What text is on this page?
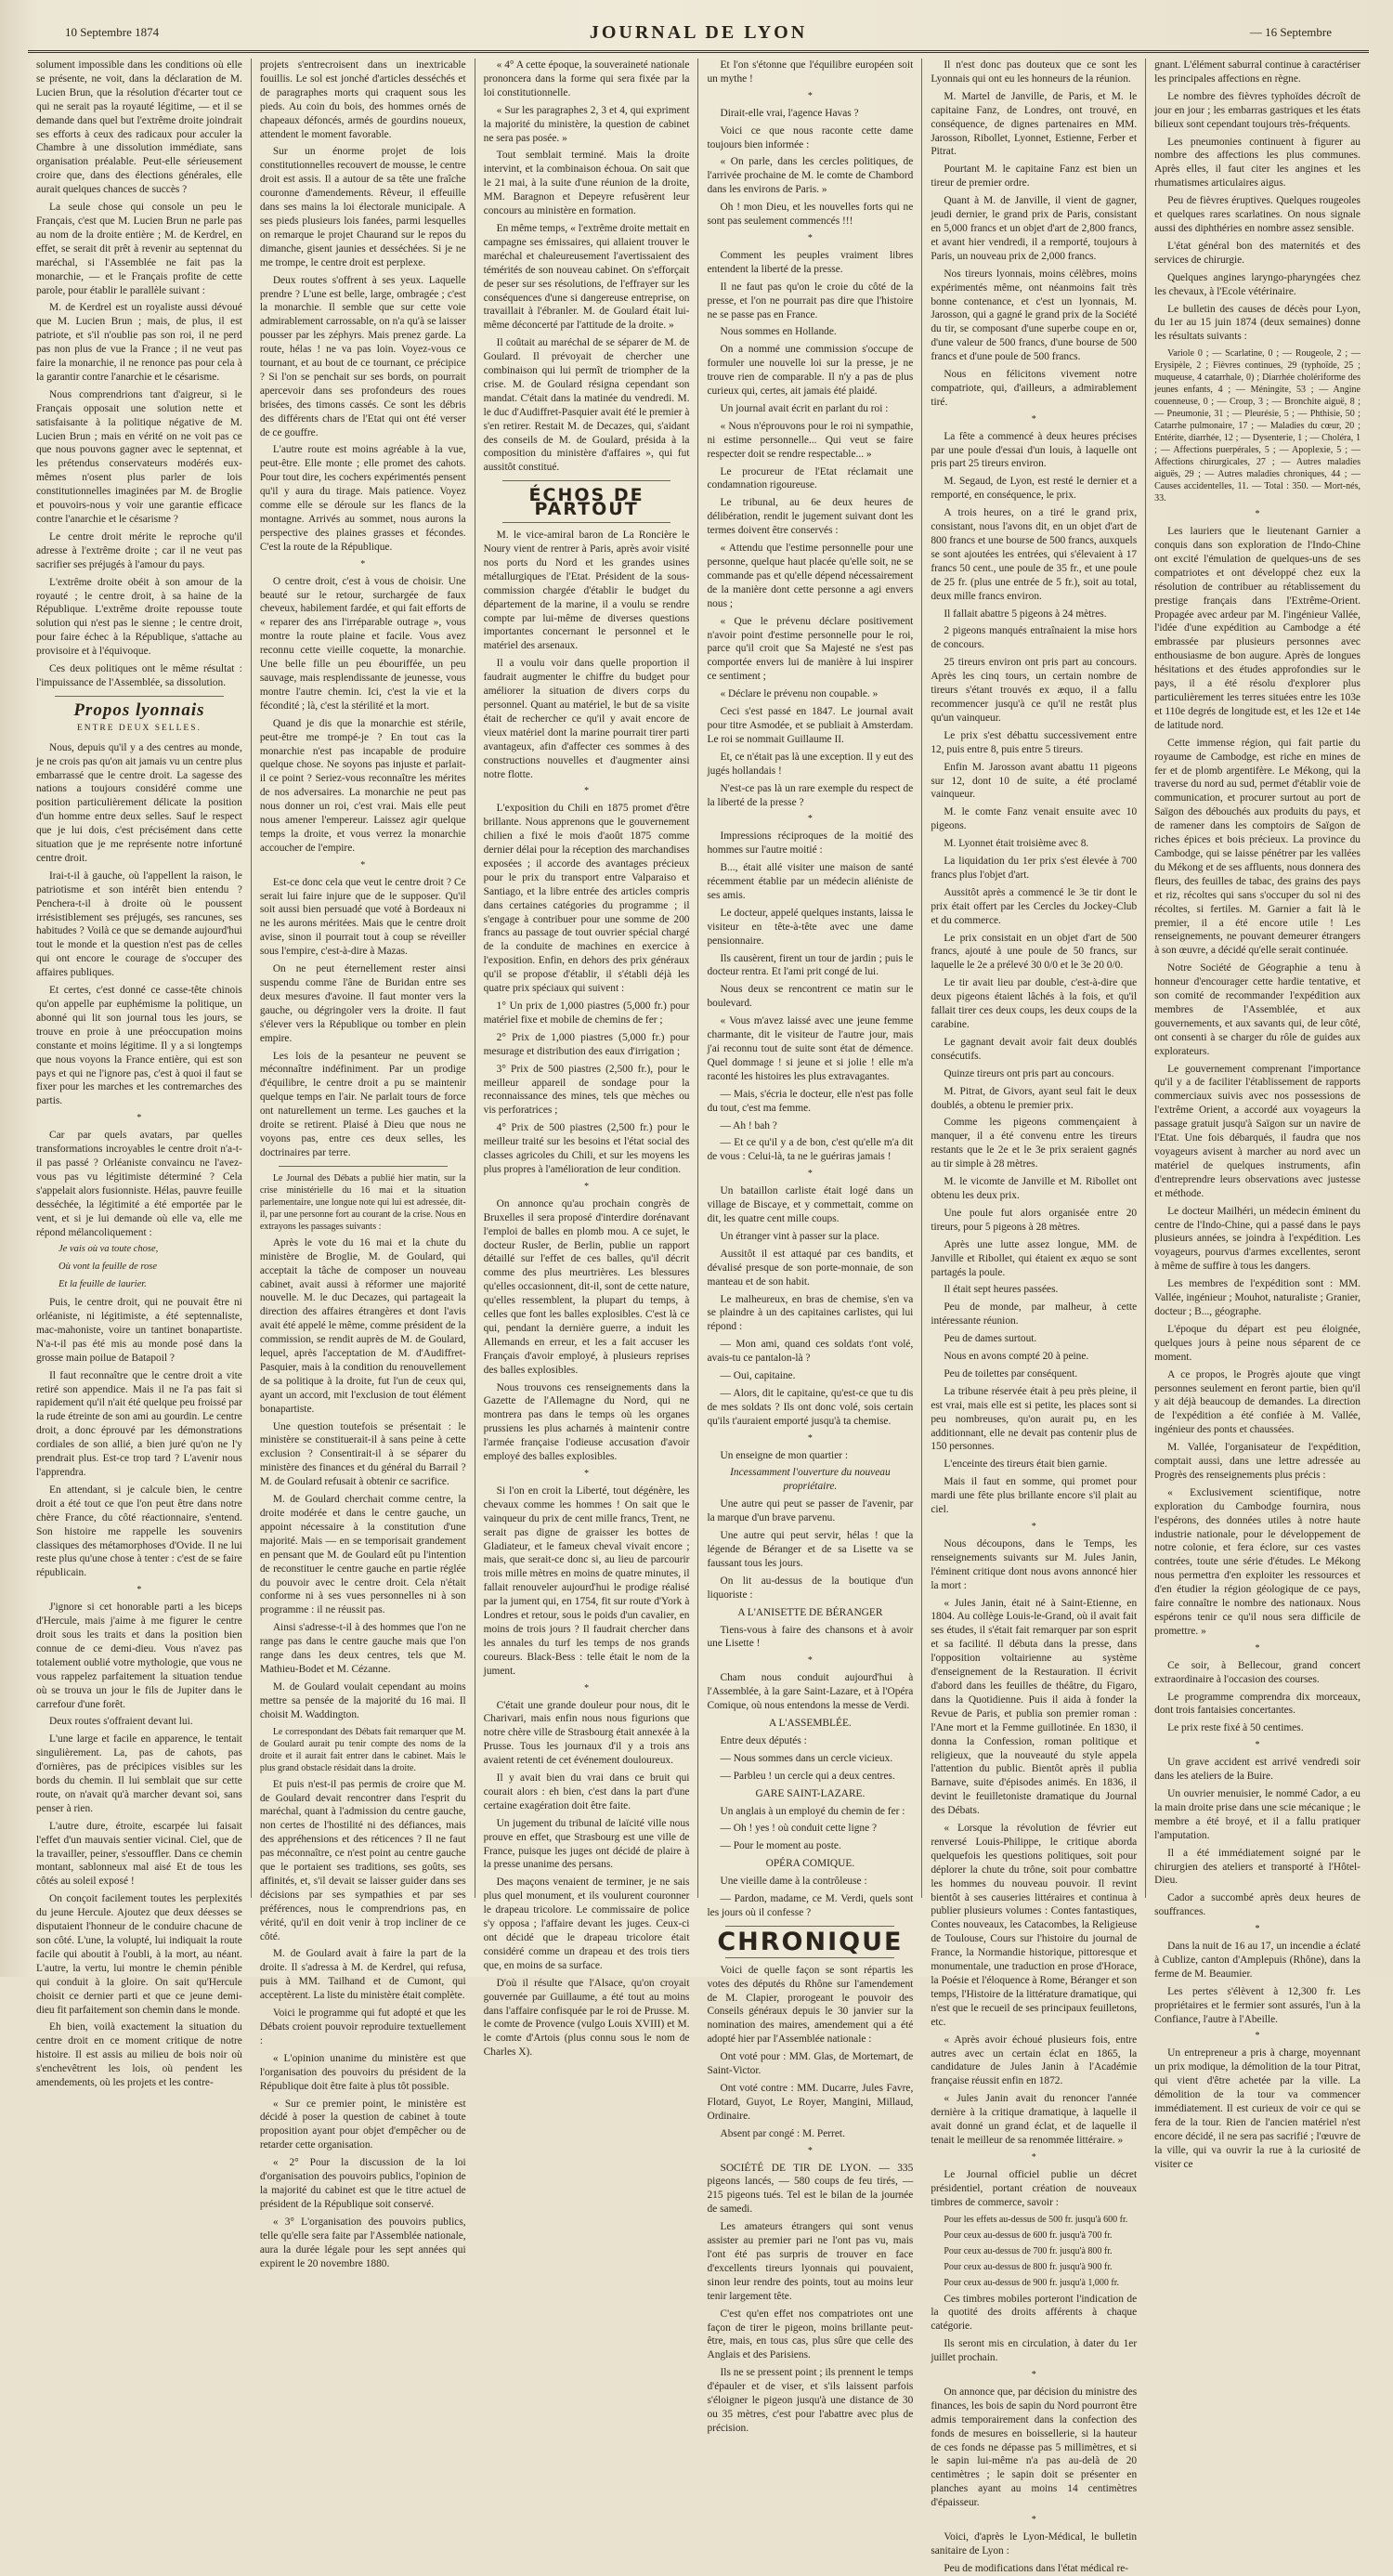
10 Septembre 1874	JOURNAL DE LYON	— 16 Septembre

solument impossible dans les conditions où elle se présente, ne voit, dans la déclaration de M. Lucien Brun, que la résolution d'écarter tout ce qui ne serait pas la royauté légitime, — et il se demande dans quel but l'extrême droite joindrait ses efforts à ceux des radicaux pour acculer la Chambre à une dissolution immédiate, sans organisation préalable. Peut-elle sérieusement croire que, dans des élections générales, elle aurait quelques chances de succès ?

La seule chose qui console un peu le Français, c'est que M. Lucien Brun ne parle pas au nom de la droite entière ; M. de Kerdrel, en effet, se serait dit prêt à revenir au septennat du maréchal, si l'Assemblée ne fait pas la monarchie, — et le Français profite de cette parole, pour établir le parallèle suivant :

M. de Kerdrel est un royaliste aussi dévoué que M. Lucien Brun ; mais, de plus, il est patriote, et s'il n'oublie pas son roi, il ne perd pas non plus de vue la France ; il ne veut pas faire la monarchie, il ne renonce pas pour cela à la garantir contre l'anarchie et le césarisme.

Nous comprendrions tant d'aigreur, si le Français opposait une solution nette et satisfaisante à la politique négative de M. Lucien Brun ; mais en vérité on ne voit pas ce que nous pouvons gagner avec le septennat, et les prétendus conservateurs modérés eux-mêmes n'osent plus parler de lois constitutionnelles imaginées par M. de Broglie et pouvoirs-nous y voir une garantie efficace contre l'anarchie et le césarisme ?

Le centre droit mérite le reproche qu'il adresse à l'extrême droite ; car il ne veut pas sacrifier ses préjugés à l'amour du pays.

L'extrême droite obéit à son amour de la royauté ; le centre droit, à sa haine de la République. L'extrême droite repousse toute solution qui n'est pas le sienne ; le centre droit, pour faire échec à la République, s'attache au provisoire et à l'équivoque.

Ces deux politiques ont le même résultat : l'impuissance de l'Assemblée, sa dissolution.

Propos lyonnais
ENTRE DEUX SELLES.

Nous, depuis qu'il y a des centres au monde, je ne crois pas qu'on ait jamais vu un centre plus embarrassé que le centre droit. La sagesse des nations a toujours considéré comme une position particulièrement délicate la position d'un homme entre deux selles. Sauf le respect que je lui dois, c'est précisément dans cette situation que je me représente notre infortuné centre droit.

Irai-t-il à gauche, où l'appellent la raison, le patriotisme et son intérêt bien entendu ? Penchera-t-il à droite où le poussent irrésistiblement ses préjugés, ses rancunes, ses habitudes ? Voilà ce que se demande aujourd'hui tout le monde et la question n'est pas de celles qui ont encore le courage de s'occuper des affaires publiques.

Et certes, c'est donné ce casse-tête chinois qu'on appelle par euphémisme la politique, un abonné qui lit son journal tous les jours, se trouve en proie à une préoccupation moins constante et moins légitime. Il y a si longtemps que nous voyons la France entière, qui est son pays et qui ne l'ignore pas, c'est à quoi il faut se fixer pour les marches et les contremarches des partis.

*

Car par quels avatars, par quelles transformations incroyables le centre droit n'a-t-il pas passé ? Orléaniste convaincu ne l'avez-vous pas vu légitimiste déterminé ? Cela s'appelait alors fusionniste. Hélas, pauvre feuille desséchée, la légitimité a été emportée par le vent, et si je lui demande où elle va, elle me répond mélancoliquement :

Je vais où va toute chose,

Où vont la feuille de rose

Et la feuille de laurier.

Puis, le centre droit, qui ne pouvait être ni orléaniste, ni légitimiste, a été septennaliste, mac-mahoniste, voire un tantinet bonapartiste. N'a-t-il pas été mis au monde posé dans la grosse main poilue de Batapoil ?

Il faut reconnaître que le centre droit a vite retiré son appendice. Mais il ne l'a pas fait si rapidement qu'il n'ait été quelque peu froissé par la rude étreinte de son ami au gourdin. Le centre droit, a donc éprouvé par les démonstrations cordiales de son allié, a bien juré qu'on ne l'y prendrait plus. Est-ce trop tard ? L'avenir nous l'apprendra.

En attendant, si je calcule bien, le centre droit a été tout ce que l'on peut être dans notre chère France, du côté réactionnaire, s'entend. Son histoire me rappelle les souvenirs classiques des métamorphoses d'Ovide. Il ne lui reste plus qu'une chose à tenter : c'est de se faire républicain.

*

J'ignore si cet honorable parti a les biceps d'Hercule, mais j'aime à me figurer le centre droit sous les traits et dans la position bien connue de ce demi-dieu. Vous n'avez pas totalement oublié votre mythologie, que vous ne vous rappelez parfaitement la situation tendue où se trouva un jour le fils de Jupiter dans le carrefour d'une forêt.

Deux routes s'offraient devant lui.

L'une large et facile en apparence, le tentait singulièrement. La, pas de cahots, pas d'ornières, pas de précipices visibles sur les bords du chemin. Il lui semblait que sur cette route, on n'avait qu'à marcher devant soi, sans penser à rien.

L'autre dure, étroite, escarpée lui faisait l'effet d'un mauvais sentier vicinal. Ciel, que de la travailler, peiner, s'essouffler. Dans ce chemin montant, sablonneux mal aisé Et de tous les côtés au soleil exposé !

On conçoit facilement toutes les perplexités du jeune Hercule. Ajoutez que deux déesses se disputaient l'honneur de le conduire chacune de son côté. L'une, la volupté, lui indiquait la route facile qui aboutit à l'oubli, à la mort, au néant. L'autre, la vertu, lui montre le chemin pénible qui conduit à la gloire. On sait qu'Hercule choisit ce dernier parti et que ce jeune demi-dieu fit parfaitement son chemin dans le monde.

Eh bien, voilà exactement la situation du centre droit en ce moment critique de notre histoire. Il est assis au milieu de bois noir où s'enchevêtrent les lois, où pendent les amendements, où les projets et les contre-

projets s'entrecroisent dans un inextricable fouillis. Le sol est jonché d'articles desséchés et de paragraphes morts qui craquent sous les pieds. Au coin du bois, des hommes ornés de chapeaux défoncés, armés de gourdins noueux, attendent le moment favorable.

Sur un énorme projet de lois constitutionnelles recouvert de mousse, le centre droit est assis. Il a autour de sa tête une fraîche couronne d'amendements. Rêveur, il effeuille dans ses mains la loi électorale municipale. A ses pieds plusieurs lois fanées, parmi lesquelles on remarque le projet Chaurand sur le repos du dimanche, gisent jaunies et desséchées. Si je ne me trompe, le centre droit est perplexe.

Deux routes s'offrent à ses yeux. Laquelle prendre ? L'une est belle, large, ombragée ; c'est la monarchie. Il semble que sur cette voie admirablement carrossable, on n'a qu'à se laisser pousser par les zéphyrs. Mais prenez garde. La route, hélas ! ne va pas loin. Voyez-vous ce tournant, et au bout de ce tournant, ce précipice ? Si l'on se penchait sur ses bords, on pourrait apercevoir dans ses profondeurs des roues brisées, des timons cassés. Ce sont les débris des différents chars de l'Etat qui ont été verser de ce gouffre.

L'autre route est moins agréable à la vue, peut-être. Elle monte ; elle promet des cahots. Pour tout dire, les cochers expérimentés pensent qu'il y aura du tirage. Mais patience. Voyez comme elle se déroule sur les flancs de la montagne. Arrivés au sommet, nous aurons la perspective des plaines grasses et fécondes. C'est la route de la République.

*

O centre droit, c'est à vous de choisir. Une beauté sur le retour, surchargée de faux cheveux, habilement fardée, et qui fait efforts de « reparer des ans l'irréparable outrage », vous montre la route plaine et facile. Vous avez reconnu cette vieille coquette, la monarchie. Une belle fille un peu ébouriffée, un peu sauvage, mais resplendissante de jeunesse, vous montre l'autre chemin. Ici, c'est la vie et la fécondité ; là, c'est la stérilité et la mort.

Quand je dis que la monarchie est stérile, peut-être me trompé-je ? En tout cas la monarchie n'est pas incapable de produire quelque chose. Ne soyons pas injuste et parlait-il ce point ? Seriez-vous reconnaître les mérites de nos adversaires. La monarchie ne peut pas nous donner un roi, c'est vrai. Mais elle peut nous amener l'empereur. Laissez agir quelque temps la droite, et vous verrez la monarchie accoucher de l'empire.

*

Est-ce donc cela que veut le centre droit ? Ce serait lui faire injure que de le supposer. Qu'il soit aussi bien persuadé que voté à Bordeaux ni ne les aurons méritées. Mais que le centre droit avise, sinon il pourrait tout à coup se réveiller sous l'empire, c'est-à-dire à Mazas.

On ne peut éternellement rester ainsi suspendu comme l'âne de Buridan entre ses deux mesures d'avoine. Il faut monter vers la gauche, ou dégringoler vers la droite. Il faut s'élever vers la République ou tomber en plein empire.

Les lois de la pesanteur ne peuvent se méconnaître indéfiniment. Par un prodige d'équilibre, le centre droit a pu se maintenir quelque temps en l'air. Ne parlait tours de force ont naturellement un terme. Les gauches et la droite se retirent. Plaisé à Dieu que nous ne voyons pas, entre ces deux selles, les doctrinaires par terre.

Le Journal des Débats a publié hier matin, sur la crise ministérielle du 16 mai et la situation parlementaire, une longue note qui lui est adressée, dit-il, par une personne fort au courant de la crise. Nous en extrayons les passages suivants :

Après le vote du 16 mai et la chute du ministère de Broglie, M. de Goulard, qui acceptait la tâche de composer un nouveau cabinet, avait aussi à réformer une majorité nouvelle. M. le duc Decazes, qui partageait la direction des affaires étrangères et dont l'avis avait été appelé le même, comme président de la commission, se rendit auprès de M. de Goulard, lequel, après l'acceptation de M. d'Audiffret-Pasquier, mais à la condition du renouvellement de sa politique à la droite, fut l'un de ceux qui, ayant un accord, mit l'exclusion de tout élément bonapartiste.

Une question toutefois se présentait : le ministère se constituerait-il à sans peine à cette exclusion ? Consentirait-il à se séparer du ministère des finances et du général du Barrail ? M. de Goulard refusait à obtenir ce sacrifice.

M. de Goulard cherchait comme centre, la droite modérée et dans le centre gauche, un appoint nécessaire à la constitution d'une majorité. Mais — en se temporisait grandement en pensant que M. de Goulard eût pu l'intention de reconstituer le centre gauche en partie réglée du pouvoir avec le centre droit. Cela n'était conforme ni à ses vues personnelles ni à son programme : il ne réussit pas.

Ainsi s'adresse-t-il à des hommes que l'on ne range pas dans le centre gauche mais que l'on range dans les deux centres, tels que M. Mathieu-Bodet et M. Cézanne.

M. de Goulard voulait cependant au moins mettre sa pensée de la majorité du 16 mai. Il choisit M. Waddington.

Le correspondant des Débats fait remarquer que M. de Goulard aurait pu tenir compte des noms de la droite et il aurait fait entrer dans le cabinet. Mais le plus grand obstacle résidait dans la droite.

Et puis n'est-il pas permis de croire que M. de Goulard devait rencontrer dans l'esprit du maréchal, quant à l'admission du centre gauche, non certes de l'hostilité ni des défiances, mais des appréhensions et des réticences ? Il ne faut pas méconnaître, ce n'est point au centre gauche que le portaient ses traditions, ses goûts, ses affinités, et, s'il devait se laisser guider dans ses décisions par ses sympathies et par ses préférences, nous le comprendrions pas, en vérité, qu'il en doit venir à trop incliner de ce côté.

M. de Goulard avait à faire la part de la droite. Il s'adressa à M. de Kerdrel, qui refusa, puis à MM. Tailhand et de Cumont, qui acceptèrent. La liste du ministère était complète.

Voici le programme qui fut adopté et que les Débats croient pouvoir reproduire textuellement :

« L'opinion unanime du ministère est que l'organisation des pouvoirs du président de la République doit être faite à plus tôt possible.

« Sur ce premier point, le ministère est décidé à poser la question de cabinet à toute proposition ayant pour objet d'empêcher ou de retarder cette organisation.

« 2° Pour la discussion de la loi d'organisation des pouvoirs publics, l'opinion de la majorité du cabinet est que le titre actuel de président de la République soit conservé.

« 3° L'organisation des pouvoirs publics, telle qu'elle sera faite par l'Assemblée nationale, aura la durée légale pour les sept années qui expirent le 20 novembre 1880.

« 4° A cette époque, la souveraineté nationale prononcera dans la forme qui sera fixée par la loi constitutionnelle.

« Sur les paragraphes 2, 3 et 4, qui expriment la majorité du ministère, la question de cabinet ne sera pas posée. »

Tout semblait terminé. Mais la droite intervint, et la combinaison échoua. On sait que le 21 mai, à la suite d'une réunion de la droite, MM. Baragnon et Depeyre refusèrent leur concours au ministère en formation.

En même temps, « l'extrême droite mettait en campagne ses émissaires, qui allaient trouver le maréchal et chaleureusement l'avertissaient des témérités de son nouveau cabinet. On s'efforçait de peser sur ses résolutions, de l'effrayer sur les conséquences d'une si dangereuse entreprise, on travaillait à l'ébranler. M. de Goulard était lui-même déconcerté par l'attitude de la droite. »

Il coûtait au maréchal de se séparer de M. de Goulard. Il prévoyait de chercher une combinaison qui lui permît de triompher de la crise. M. de Goulard résigna cependant son mandat. C'était dans la matinée du vendredi. M. le duc d'Audiffret-Pasquier avait été le premier à s'en retirer. Restait M. de Decazes, qui, s'aidant des conseils de M. de Goulard, présida à la composition du ministère d'affaires », qui fut aussitôt constitué.

ÉCHOS DE PARTOUT

M. le vice-amiral baron de La Roncière le Noury vient de rentrer à Paris, après avoir visité nos ports du Nord et les grandes usines métallurgiques de l'Etat. Président de la sous-commission chargée d'établir le budget du département de la marine, il a voulu se rendre compte par lui-même de diverses questions importantes concernant le personnel et le matériel des arsenaux.

Il a voulu voir dans quelle proportion il faudrait augmenter le chiffre du budget pour améliorer la situation de divers corps du personnel. Quant au matériel, le but de sa visite était de rechercher ce qu'il y avait encore de vieux matériel dont la marine pourrait tirer parti avantageux, afin d'affecter ces sommes à des constructions nouvelles et d'augmenter ainsi notre flotte.

*

L'exposition du Chili en 1875 promet d'être brillante. Nous apprenons que le gouvernement chilien a fixé le mois d'août 1875 comme dernier délai pour la réception des marchandises exposées ; il accorde des avantages précieux pour le prix du transport entre Valparaiso et Santiago, et la libre entrée des articles compris dans certaines catégories du programme ; il s'engage à contribuer pour une somme de 200 francs au passage de tout ouvrier spécial chargé de la conduite de machines en exercice à l'exposition. Enfin, en dehors des prix généraux qu'il se propose d'établir, il s'établi déjà les quatre prix spéciaux qui suivent :

1° Un prix de 1,000 piastres (5,000 fr.) pour matériel fixe et mobile de chemins de fer ;

2° Prix de 1,000 piastres (5,000 fr.) pour mesurage et distribution des eaux d'irrigation ;

3° Prix de 500 piastres (2,500 fr.), pour le meilleur appareil de sondage pour la reconnaissance des mines, tels que mèches ou vis perforatrices ;

4° Prix de 500 piastres (2,500 fr.) pour le meilleur traité sur les besoins et l'état social des classes agricoles du Chili, et sur les moyens les plus propres à l'amélioration de leur condition.

*

On annonce qu'au prochain congrès de Bruxelles il sera proposé d'interdire dorénavant l'emploi de balles en plomb mou. A ce sujet, le docteur Rusler, de Berlin, publie un rapport détaillé sur l'effet de ces balles, qu'il décrit comme des plus meurtrières. Les blessures qu'elles occasionnent, dit-il, sont de cette nature, qu'elles ressemblent, la plupart du temps, à celles que font les balles explosibles. C'est là ce qui, pendant la dernière guerre, a induit les Allemands en erreur, et les a fait accuser les Français d'avoir employé, à plusieurs reprises des balles explosibles.

Nous trouvons ces renseignements dans la Gazette de l'Allemagne du Nord, qui ne montrera pas dans le temps où les organes prussiens les plus acharnés à maintenir contre l'armée française l'odieuse accusation d'avoir employé des balles explosibles.

*

Si l'on en croit la Liberté, tout dégénère, les chevaux comme les hommes ! On sait que le vainqueur du prix de cent mille francs, Trent, ne serait pas digne de graisser les bottes de Gladiateur, et le fameux cheval vivait encore ; mais, que serait-ce donc si, au lieu de parcourir trois mille mètres en moins de quatre minutes, il fallait renouveler aujourd'hui le prodige réalisé par la jument qui, en 1754, fit sur route d'York à Londres et retour, sous le poids d'un cavalier, en moins de trois jours ? Il faudrait chercher dans les annales du turf les temps de nos grands coureurs. Black-Bess : telle était le nom de la jument.

*

C'était une grande douleur pour nous, dit le Charivari, mais enfin nous nous figurions que notre chère ville de Strasbourg était annexée à la Prusse. Tous les journaux d'il y a trois ans avaient retenti de cet événement douloureux.

Il y avait bien du vrai dans ce bruit qui courait alors : eh bien, c'est dans la part d'une certaine exagération doit être faite.

Un jugement du tribunal de laïcité ville nous prouve en effet, que Strasbourg est une ville de France, puisque les juges ont décidé de plaire à la presse unanime des persans.

Des maçons venaient de terminer, je ne sais plus quel monument, et ils voulurent couronner le drapeau tricolore. Le commissaire de police s'y opposa ; l'affaire devant les juges. Ceux-ci ont décidé que le drapeau tricolore était considéré comme un drapeau et des trois tiers que, en moins de sa surface.

D'où il résulte que l'Alsace, qu'on croyait gouvernée par Guillaume, a été tout au moins dans l'affaire confisquée par le roi de Prusse. M. le comte de Provence (vulgo Louis XVIII) et M. le comte d'Artois (plus connu sous le nom de Charles X).

Et l'on s'étonne que l'équilibre européen soit un mythe !

*

Dirait-elle vrai, l'agence Havas ?

Voici ce que nous raconte cette dame toujours bien informée :

« On parle, dans les cercles politiques, de l'arrivée prochaine de M. le comte de Chambord dans les environs de Paris. »

Oh ! mon Dieu, et les nouvelles forts qui ne sont pas seulement commencés !!!

*

Comment les peuples vraiment libres entendent la liberté de la presse.

Il ne faut pas qu'on le croie du côté de la presse, et l'on ne pourrait pas dire que l'histoire ne se passe pas en France.

Nous sommes en Hollande.

On a nommé une commission s'occupe de formuler une nouvelle loi sur la presse, je ne trouve rien de comparable. Il n'y a pas de plus curieux qui, certes, ait jamais été plaidé.

Un journal avait écrit en parlant du roi :

« Nous n'éprouvons pour le roi ni sympathie, ni estime personnelle... Qui veut se faire respecter doit se rendre respectable... »

Le procureur de l'Etat réclamait une condamnation rigoureuse.

Le tribunal, au 6e deux heures de délibération, rendit le jugement suivant dont les termes doivent être conservés :

« Attendu que l'estime personnelle pour une personne, quelque haut placée qu'elle soit, ne se commande pas et qu'elle dépend nécessairement de la manière dont cette personne a agi envers nous ;

« Que le prévenu déclare positivement n'avoir point d'estime personnelle pour le roi, parce qu'il croit que Sa Majesté ne s'est pas comportée envers lui de manière à lui inspirer ce sentiment ;

« Déclare le prévenu non coupable. »

Ceci s'est passé en 1847. Le journal avait pour titre Asmodée, et se publiait à Amsterdam. Le roi se nommait Guillaume II.

Et, ce n'était pas là une exception. Il y eut des jugés hollandais !

N'est-ce pas là un rare exemple du respect de la liberté de la presse ?

*

Impressions réciproques de la moitié des hommes sur l'autre moitié :

B..., était allé visiter une maison de santé récemment établie par un médecin aliéniste de ses amis.

Le docteur, appelé quelques instants, laissa le visiteur en tête-à-tête avec une dame pensionnaire.

Ils causèrent, firent un tour de jardin ; puis le docteur rentra. Et l'ami prit congé de lui.

Nous deux se rencontrent ce matin sur le boulevard.

« Vous m'avez laissé avec une jeune femme charmante, dit le visiteur de l'autre jour, mais j'ai reconnu tout de suite sont état de démence. Quel dommage ! si jeune et si jolie ! elle m'a raconté les histoires les plus extravagantes.

— Mais, s'écria le docteur, elle n'est pas folle du tout, c'est ma femme.

— Ah ! bah ?

— Et ce qu'il y a de bon, c'est qu'elle m'a dit de vous : Celui-là, ta ne le guériras jamais !

*

Un bataillon carliste était logé dans un village de Biscaye, et y commettait, comme on dit, les quatre cent mille coups.

Un étranger vint à passer sur la place.

Aussitôt il est attaqué par ces bandits, et dévalisé presque de son porte-monnaie, de son manteau et de son habit.

Le malheureux, en bras de chemise, s'en va se plaindre à un des capitaines carlistes, qui lui répond :

— Mon ami, quand ces soldats t'ont volé, avais-tu ce pantalon-là ?

— Oui, capitaine.

— Alors, dit le capitaine, qu'est-ce que tu dis de mes soldats ? Ils ont donc volé, sois certain qu'ils t'auraient emporté jusqu'à ta chemise.

*

Un enseigne de mon quartier :

Incessamment l'ouverture du nouveau propriétaire.

Une autre qui peut se passer de l'avenir, par la marque d'un brave parvenu.

Une autre qui peut servir, hélas ! que la légende de Béranger et de sa Lisette va se faussant tous les jours.

On lit au-dessus de la boutique d'un liquoriste :

A L'ANISETTE DE BÉRANGER

Tiens-vous à faire des chansons et à avoir une Lisette !

*

Cham nous conduit aujourd'hui à l'Assemblée, à la gare Saint-Lazare, et à l'Opéra Comique, où nous entendons la messe de Verdi.

A L'ASSEMBLÉE.

Entre deux députés :

— Nous sommes dans un cercle vicieux.

— Parbleu ! un cercle qui a deux centres.

GARE SAINT-LAZARE.

Un anglais à un employé du chemin de fer :

— Oh ! yes ! où conduit cette ligne ?

— Pour le moment au poste.

OPÉRA COMIQUE.

Une vieille dame à la contrôleuse :

— Pardon, madame, ce M. Verdi, quels sont les jours où il confesse ?

CHRONIQUE

Voici de quelle façon se sont répartis les votes des députés du Rhône sur l'amendement de M. Clapier, prorogeant le pouvoir des Conseils généraux depuis le 30 janvier sur la nomination des maires, amendement qui a été adopté hier par l'Assemblée nationale :

Ont voté pour : MM. Glas, de Mortemart, de Saint-Victor.

Ont voté contre : MM. Ducarre, Jules Favre, Flotard, Guyot, Le Royer, Mangini, Millaud, Ordinaire.

Absent par congé : M. Perret.

*

SOCIÉTÉ DE TIR DE LYON. — 335 pigeons lancés, — 580 coups de feu tirés, — 215 pigeons tués. Tel est le bilan de la journée de samedi.

Les amateurs étrangers qui sont venus assister au premier pari ne l'ont pas vu, mais l'ont été pas surpris de trouver en face d'excellents tireurs lyonnais qui pouvaient, sinon leur rendre des points, tout au moins leur tenir largement tête.

C'est qu'en effet nos compatriotes ont une façon de tirer le pigeon, moins brillante peut-être, mais, en tous cas, plus sûre que celle des Anglais et des Parisiens.

Ils ne se pressent point ; ils prennent le temps d'épauler et de viser, et s'ils laissent parfois s'éloigner le pigeon jusqu'à une distance de 30 ou 35 mètres, c'est pour l'abattre avec plus de précision.

Il n'est donc pas douteux que ce sont les Lyonnais qui ont eu les honneurs de la réunion.

M. Martel de Janville, de Paris, et M. le capitaine Fanz, de Londres, ont trouvé, en conséquence, de dignes partenaires en MM. Jarosson, Ribollet, Lyonnet, Estienne, Ferber et Pitrat.

Pourtant M. le capitaine Fanz est bien un tireur de premier ordre.

Quant à M. de Janville, il vient de gagner, jeudi dernier, le grand prix de Paris, consistant en 5,000 francs et un objet d'art de 2,800 francs, et avant hier vendredi, il a remporté, toujours à Paris, un nouveau prix de 2,000 francs.

Nos tireurs lyonnais, moins célèbres, moins expérimentés même, ont néanmoins fait très bonne contenance, et c'est un lyonnais, M. Jarosson, qui a gagné le grand prix de la Société du tir, se composant d'une superbe coupe en or, d'une valeur de 500 francs, d'une bourse de 500 francs et d'une poule de 500 francs.

Nous en félicitons vivement notre compatriote, qui, d'ailleurs, a admirablement tiré.

*

La fête a commencé à deux heures précises par une poule d'essai d'un louis, à laquelle ont pris part 25 tireurs environ.

M. Segaud, de Lyon, est resté le dernier et a remporté, en conséquence, le prix.

A trois heures, on a tiré le grand prix, consistant, nous l'avons dit, en un objet d'art de 800 francs et une bourse de 500 francs, auxquels se sont ajoutées les entrées, qui s'élevaient à 17 francs 50 cent., une poule de 35 fr., et une poule de 25 fr. (plus une entrée de 5 fr.), soit au total, deux mille francs environ.

Il fallait abattre 5 pigeons à 24 mètres.

2 pigeons manqués entraînaient la mise hors de concours.

25 tireurs environ ont pris part au concours. Après les cinq tours, un certain nombre de tireurs s'étant trouvés ex æquo, il a fallu recommencer jusqu'à ce qu'il ne restât plus qu'un vainqueur.

Le prix s'est débattu successivement entre 12, puis entre 8, puis entre 5 tireurs.

Enfin M. Jarosson avant abattu 11 pigeons sur 12, dont 10 de suite, a été proclamé vainqueur.

M. le comte Fanz venait ensuite avec 10 pigeons.

M. Lyonnet était troisième avec 8.

La liquidation du 1er prix s'est élevée à 700 francs plus l'objet d'art.

Aussitôt après a commencé le 3e tir dont le prix était offert par les Cercles du Jockey-Club et du commerce.

Le prix consistait en un objet d'art de 500 francs, ajouté à une poule de 50 francs, sur laquelle le 2e a prélevé 30 0/0 et le 3e 20 0/0.

Le tir avait lieu par double, c'est-à-dire que deux pigeons étaient lâchés à la fois, et qu'il fallait tirer ces deux coups, les deux coups de la carabine.

Le gagnant devait avoir fait deux doublés consécutifs.

Quinze tireurs ont pris part au concours.

M. Pitrat, de Givors, ayant seul fait le deux doublés, a obtenu le premier prix.

Comme les pigeons commençaient à manquer, il a été convenu entre les tireurs restants que le 2e et le 3e prix seraient gagnés au tir simple à 28 mètres.

M. le vicomte de Janville et M. Ribollet ont obtenu les deux prix.

Une poule fut alors organisée entre 20 tireurs, pour 5 pigeons à 28 mètres.

Après une lutte assez longue, MM. de Janville et Ribollet, qui étaient ex æquo se sont partagés la poule.

Il était sept heures passées.

Peu de monde, par malheur, à cette intéressante réunion.

Peu de dames surtout.

Nous en avons compté 20 à peine.

Peu de toilettes par conséquent.

La tribune réservée était à peu près pleine, il est vrai, mais elle est si petite, les places sont si peu nombreuses, qu'on aurait pu, en les additionnant, elle ne devait pas contenir plus de 150 personnes.

L'enceinte des tireurs était bien garnie.

Mais il faut en somme, qui promet pour mardi une fête plus brillante encore s'il plait au ciel.

*

Nous découpons, dans le Temps, les renseignements suivants sur M. Jules Janin, l'éminent critique dont nous avons annoncé hier la mort :

« Jules Janin, était né à Saint-Etienne, en 1804. Au collège Louis-le-Grand, où il avait fait ses études, il s'était fait remarquer par son esprit et sa facilité. Il débuta dans la presse, dans l'opposition voltairienne au système d'enseignement de la Restauration. Il écrivit d'abord dans les feuilles de théâtre, du Figaro, dans la Quotidienne. Puis il aida à fonder la Revue de Paris, et publia son premier roman : l'Ane mort et la Femme guillotinée. En 1830, il donna la Confession, roman politique et religieux, que la nouveauté du style appela l'attention du public. Bientôt après il publia Barnave, suite d'épisodes animés. En 1836, il devint le feuilletoniste dramatique du Journal des Débats.

« Lorsque la révolution de février eut renversé Louis-Philippe, le critique aborda quelquefois les questions politiques, soit pour déplorer la chute du trône, soit pour combattre les hommes du nouveau pouvoir. Il revint bientôt à ses causeries littéraires et continua à publier plusieurs volumes : Contes fantastiques, Contes nouveaux, les Catacombes, la Religieuse de Toulouse, Cours sur l'histoire du journal de France, la Normandie historique, pittoresque et monumentale, une traduction en prose d'Horace, la Poésie et l'éloquence à Rome, Béranger et son temps, l'Histoire de la littérature dramatique, qui n'est que le recueil de ses principaux feuilletons, etc.

« Après avoir échoué plusieurs fois, entre autres avec un certain éclat en 1865, la candidature de Jules Janin à l'Académie française réussit enfin en 1872.

« Jules Janin avait du renoncer l'année dernière à la critique dramatique, à laquelle il avait donné un grand éclat, et de laquelle il tenait le meilleur de sa renommée littéraire. »

*

Le Journal officiel publie un décret présidentiel, portant création de nouveaux timbres de commerce, savoir :

Pour les effets au-dessus de 500 fr. jusqu'à 600 fr.

Pour ceux au-dessus de 600 fr. jusqu'à 700 fr.

Pour ceux au-dessus de 700 fr. jusqu'à 800 fr.

Pour ceux au-dessus de 800 fr. jusqu'à 900 fr.

Pour ceux au-dessus de 900 fr. jusqu'à 1,000 fr.

Ces timbres mobiles porteront l'indication de la quotité des droits afférents à chaque catégorie.

Ils seront mis en circulation, à dater du 1er juillet prochain.

*

On annonce que, par décision du ministre des finances, les bois de sapin du Nord pourront être admis temporairement dans la confection des fonds de mesures en boissellerie, si la hauteur de ces fonds ne dépasse pas 5 millimètres, et si le sapin lui-même n'a pas au-delà de 20 centimètres ; le sapin doit se présenter en planches ayant au moins 14 centimètres d'épaisseur.

*

Voici, d'après le Lyon-Médical, le bulletin sanitaire de Lyon :

Peu de modifications dans l'état médical re-

gnant. L'élément saburral continue à caractériser les principales affections en règne.

Le nombre des fièvres typhoïdes décroît de jour en jour ; les embarras gastriques et les états bilieux sont cependant toujours très-fréquents.

Les pneumonies continuent à figurer au nombre des affections les plus communes. Après elles, il faut citer les angines et les rhumatismes articulaires aigus.

Peu de fièvres éruptives. Quelques rougeoles et quelques rares scarlatines. On nous signale aussi des diphthéries en nombre assez sensible.

L'état général bon des maternités et des services de chirurgie.

Quelques angines laryngo-pharyngées chez les chevaux, à l'Ecole vétérinaire.

Le bulletin des causes de décès pour Lyon, du 1er au 15 juin 1874 (deux semaines) donne les résultats suivants :

Variole 0 ; — Scarlatine, 0 ; — Rougeole, 2 ; — Erysipèle, 2 ; Fièvres continues, 29 (typhoïde, 25 ; muqueuse, 4 catarrhale, 0) ; Diarrhée cholériforme des jeunes enfants, 4 ; — Méningite, 53 ; — Angine couenneuse, 0 ; — Croup, 3 ; — Bronchite aiguë, 8 ; — Pneumonie, 31 ; — Pleurésie, 5 ; — Phthisie, 50 ; Catarrhe pulmonaire, 17 ; — Maladies du cœur, 20 ; Entérite, diarrhée, 12 ; — Dysenterie, 1 ; — Choléra, 1 ; — Affections puerpérales, 5 ; — Apoplexie, 5 ; — Affections chirurgicales, 27 ; — Autres maladies aiguës, 29 ; — Autres maladies chroniques, 44 ; — Causes accidentelles, 11. — Total : 350. — Mort-nés, 33.

*

Les lauriers que le lieutenant Garnier a conquis dans son exploration de l'Indo-Chine ont excité l'émulation de quelques-uns de ses compatriotes et ont développé chez eux la résolution de contribuer au rétablissement du prestige français dans l'Extrême-Orient. Propagée avec ardeur par M. l'ingénieur Vallée, l'idée d'une expédition au Cambodge a été embrassée par plusieurs personnes avec enthousiasme de bon augure. Après de longues hésitations et des études approfondies sur le pays, il a été résolu d'explorer plus particulièrement les terres situées entre les 103e et 110e degrés de longitude est, et les 12e et 14e de latitude nord.

Cette immense région, qui fait partie du royaume de Cambodge, est riche en mines de fer et de plomb argentifère. Le Mékong, qui la traverse du nord au sud, permet d'établir voie de communication, et procurer surtout au port de Saïgon des débouchés aux produits du pays, et de ramener dans les comptoirs de Saïgon de riches épices et bois précieux. La province du Cambodge, qui se laisse pénétrer par les vallées du Mékong et de ses affluents, nous donnera des fleurs, des feuilles de tabac, des grains des pays et riz, récoltes qui sans s'occuper du sol ni des récoltes, si fertiles. M. Garnier a fait là le premier, il a été encore utile ! Les renseignements, ne pouvant demeurer étrangers à son œuvre, a décidé qu'elle serait continuée.

Notre Société de Géographie a tenu à honneur d'encourager cette hardie tentative, et son comité de recommander l'expédition aux membres de l'Assemblée, et aux gouvernements, et aux savants qui, de leur côté, ont consenti à se charger du rôle de guides aux explorateurs.

Le gouvernement comprenant l'importance qu'il y a de faciliter l'établissement de rapports commerciaux suivis avec nos possessions de l'extrême Orient, a accordé aux voyageurs la passage gratuit jusqu'à Saïgon sur un navire de l'Etat. Une fois débarqués, il faudra que nos voyageurs avisent à marcher au nord avec un matériel de quelques instruments, afin d'entreprendre leurs observations avec justesse et méthode.

Le docteur Mailhéri, un médecin éminent du centre de l'Indo-Chine, qui a passé dans le pays plusieurs années, se joindra à l'expédition. Les voyageurs, pourvus d'armes excellentes, seront à même de suffire à tous les dangers.

Les membres de l'expédition sont : MM. Vallée, ingénieur ; Mouhot, naturaliste ; Granier, docteur ; B..., géographe.

L'époque du départ est peu éloignée, quelques jours à peine nous séparent de ce moment.

A ce propos, le Progrès ajoute que vingt personnes seulement en feront partie, bien qu'il y ait déjà beaucoup de demandes. La direction de l'expédition a été confiée à M. Vallée, ingénieur des ponts et chaussées.

M. Vallée, l'organisateur de l'expédition, comptait aussi, dans une lettre adressée au Progrès des renseignements plus précis :

« Exclusivement scientifique, notre exploration du Cambodge fournira, nous l'espérons, des données utiles à notre haute industrie nationale, pour le développement de notre colonie, et fera éclore, sur ces vastes contrées, toute une série d'études. Le Mékong nous permettra d'en exploiter les ressources et d'en étudier la région géologique de ce pays, faire connaître le nombre des nationaux. Nous espérons tenir ce qu'il nous sera difficile de promettre. »

*

Ce soir, à Bellecour, grand concert extraordinaire à l'occasion des courses.

Le programme comprendra dix morceaux, dont trois fantaisies concertantes.

Le prix reste fixé à 50 centimes.

*

Un grave accident est arrivé vendredi soir dans les ateliers de la Buire.

Un ouvrier menuisier, le nommé Cador, a eu la main droite prise dans une scie mécanique ; le membre a été broyé, et il a fallu pratiquer l'amputation.

Il a été immédiatement soigné par le chirurgien des ateliers et transporté à l'Hôtel-Dieu.

Cador a succombé après deux heures de souffrances.

*

Dans la nuit de 16 au 17, un incendie a éclaté à Cublize, canton d'Amplepuis (Rhône), dans la ferme de M. Beaumier.

Les pertes s'élèvent à 12,300 fr. Les propriétaires et le fermier sont assurés, l'un à la Confiance, l'autre à l'Abeille.

*

Un entrepreneur a pris à charge, moyennant un prix modique, la démolition de la tour Pitrat, qui vient d'être achetée par la ville. La démolition de la tour va commencer immédiatement. Il est curieux de voir ce qui se fera de la tour. Rien de l'ancien matériel n'est encore décidé, il ne sera pas sacrifié ; l'œuvre de la ville, qui va ouvrir la rue à la curiosité de visiter ce
